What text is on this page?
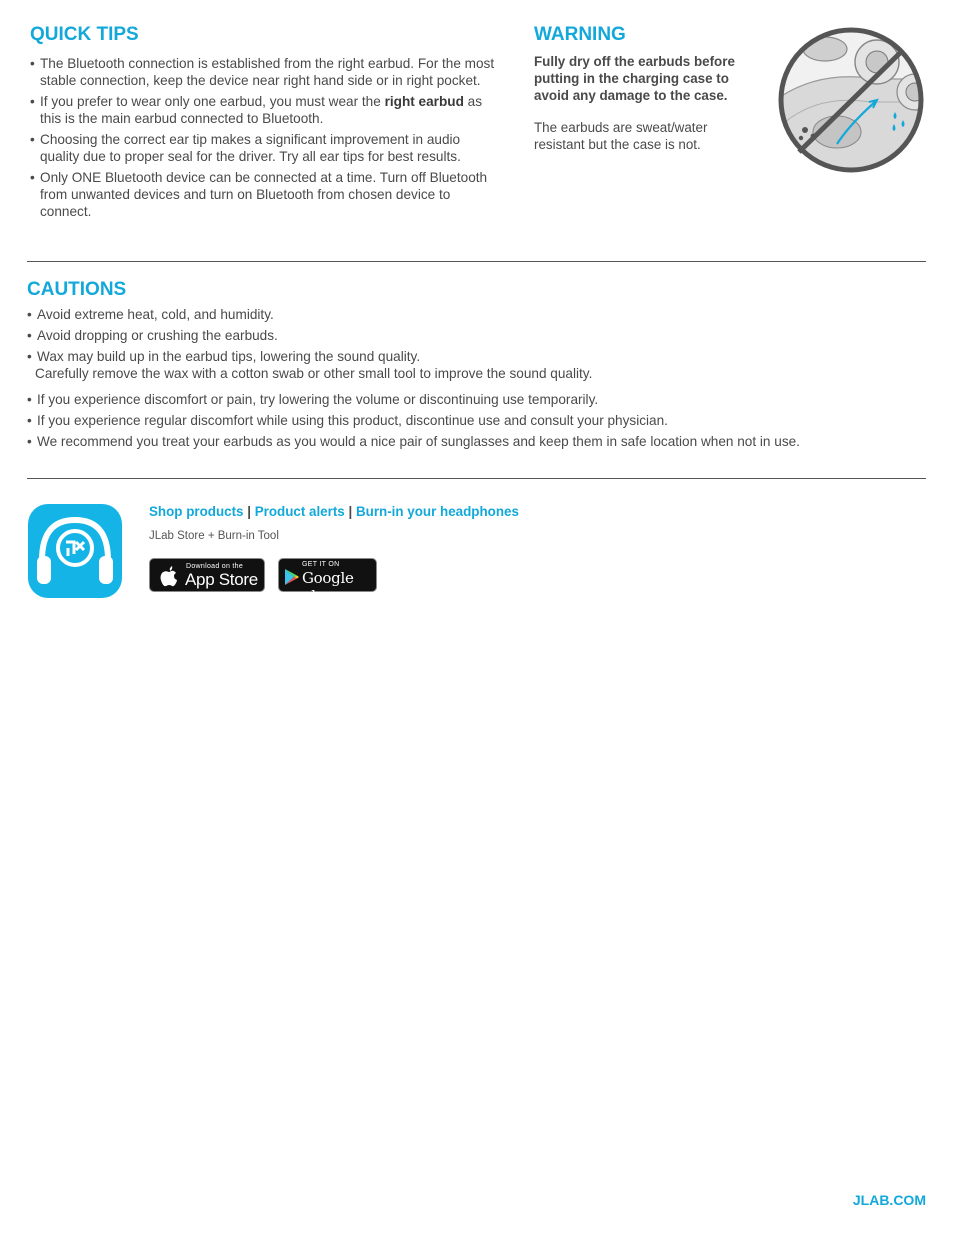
QUICK TIPS
• The Bluetooth connection is established from the right earbud. For the most stable connection, keep the device near right hand side or in right pocket.
• If you prefer to wear only one earbud, you must wear the right earbud as this is the main earbud connected to Bluetooth.
• Choosing the correct ear tip makes a significant improvement in audio quality due to proper seal for the driver. Try all ear tips for best results.
• Only ONE Bluetooth device can be connected at a time. Turn off Bluetooth from unwanted devices and turn on Bluetooth from chosen device to connect.
WARNING

Fully dry off the earbuds before putting in the charging case to avoid any damage to the case.

The earbuds are sweat/water resistant but the case is not.

CAUTIONS
• Avoid extreme heat, cold, and humidity.
• Avoid dropping or crushing the earbuds.
• Wax may build up in the earbud tips, lowering the sound quality.
Carefully remove the wax with a cotton swab or other small tool to improve the sound quality.
• If you experience discomfort or pain, try lowering the volume or discontinuing use temporarily.
• If you experience regular discomfort while using this product, discontinue use and consult your physician.
• We recommend you treat your earbuds as you would a nice pair of sunglasses and keep them in safe location when not in use.
Shop products | Product alerts | Burn-in your headphones
JLab Store + Burn-in Tool
Download on the
App Store
GET IT ON
Google play
JLAB.COM
